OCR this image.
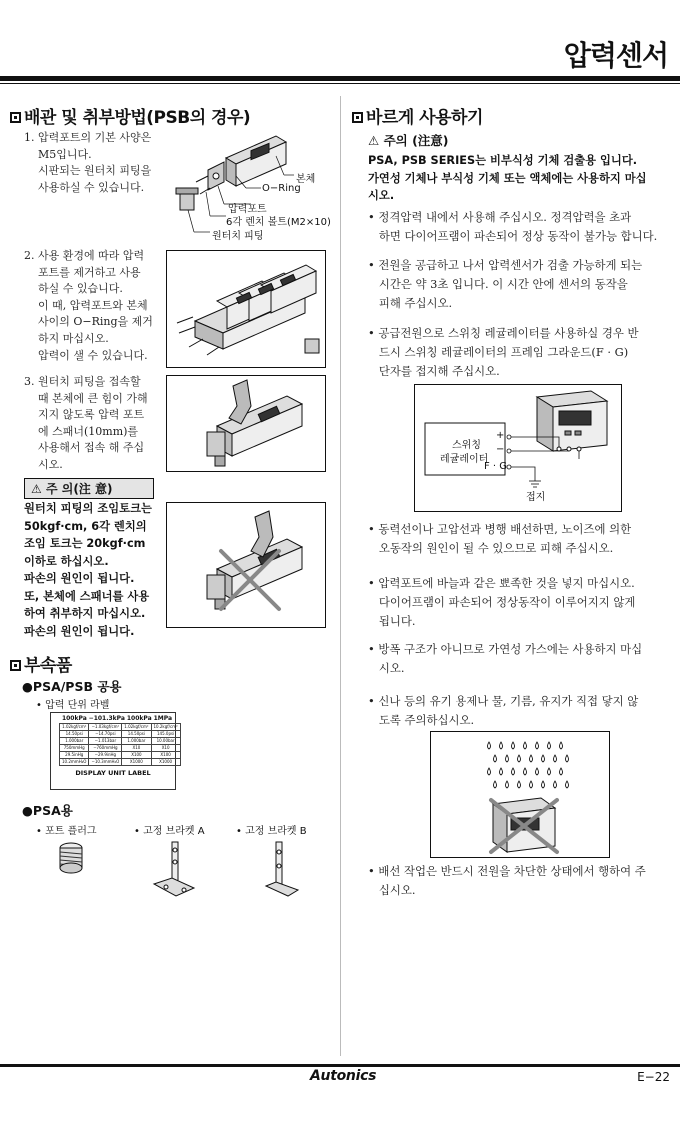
압력센서
배관 및 취부방법(PSB의 경우)
1. 압력포트의 기본 사양은
M5입니다.
시판되는 원터치 피팅을
사용하실 수 있습니다.
본체
O−Ring
압력포트
6각 렌치 볼트(M2×10)
원터치 피팅
2. 사용 환경에 따라 압력
포트를 제거하고 사용
하실 수 있습니다.
이 때, 압력포트와 본체
사이의 O−Ring을 제거
하지 마십시오.
압력이 샐 수 있습니다.
3. 원터치 피팅을 접속할
때 본체에 큰 힘이 가해
지지 않도록 압력 포트
에 스패너(10mm)를
사용해서 접속 해 주십
시오.
⚠ 주 의(注 意)
원터치 피팅의 조임토크는
50kgf·cm, 6각 렌치의
조임 토크는 20kgf·cm
이하로 하십시오.
파손의 원인이 됩니다.
또, 본체에 스패너를 사용
하여 취부하지 마십시오.
파손의 원인이 됩니다.
부속품
●PSA/PSB 공용
• 압력 단위 라벨
100kPa −101.3kPa 100kPa 1MPa
1.02kgf/cm²	−1.03kgf/cm²	1.02kgf/cm²	10.2kgf/cm²
14.50psi	−14.70psi	14.50psi	145.0psi
1.000bar	−1.013bar	1.000bar	10.00bar
750mmHg	−760mmHg	X10	X10
29.5inHg	−29.9inHg	X100	X100
10.2mmH₂O	−10.3mmH₂O	X1000	X1000
DISPLAY UNIT LABEL
●PSA용
• 포트 플러그	• 고정 브라켓 A	• 고정 브라켓 B
바르게 사용하기
⚠ 주의 (注意)
PSA, PSB SERIES는 비부식성 기체 검출용 입니다.
가연성 기체나 부식성 기체 또는 액체에는 사용하지 마십
시오.
• 정격압력 내에서 사용해 주십시오. 정격압력을 초과
하면 다이어프램이 파손되어 정상 동작이 불가능 합니다.
• 전원을 공급하고 나서 압력센서가 검출 가능하게 되는
시간은 약 3초 입니다. 이 시간 안에 센서의 동작을
피해 주십시오.
• 공급전원으로 스위칭 레귤레이터를 사용하실 경우 반
드시 스위칭 레귤레이터의 프레임 그라운드(F · G)
단자를 접지해 주십시오.
스위칭
레귤레이터
+
−
F · G
접지
• 동력선이나 고압선과 병행 배선하면, 노이즈에 의한
오동작의 원인이 될 수 있으므로 피해 주십시오.
• 압력포트에 바늘과 같은 뾰족한 것을 넣지 마십시오.
다이어프램이 파손되어 정상동작이 이루어지지 않게
됩니다.
• 방폭 구조가 아니므로 가연성 가스에는 사용하지 마십
시오.
• 신나 등의 유기 용제나 물, 기름, 유지가 직접 닿지 않
도록 주의하십시오.
• 배선 작업은 반드시 전원을 차단한 상태에서 행하여 주
십시오.
Autonics	E−22
